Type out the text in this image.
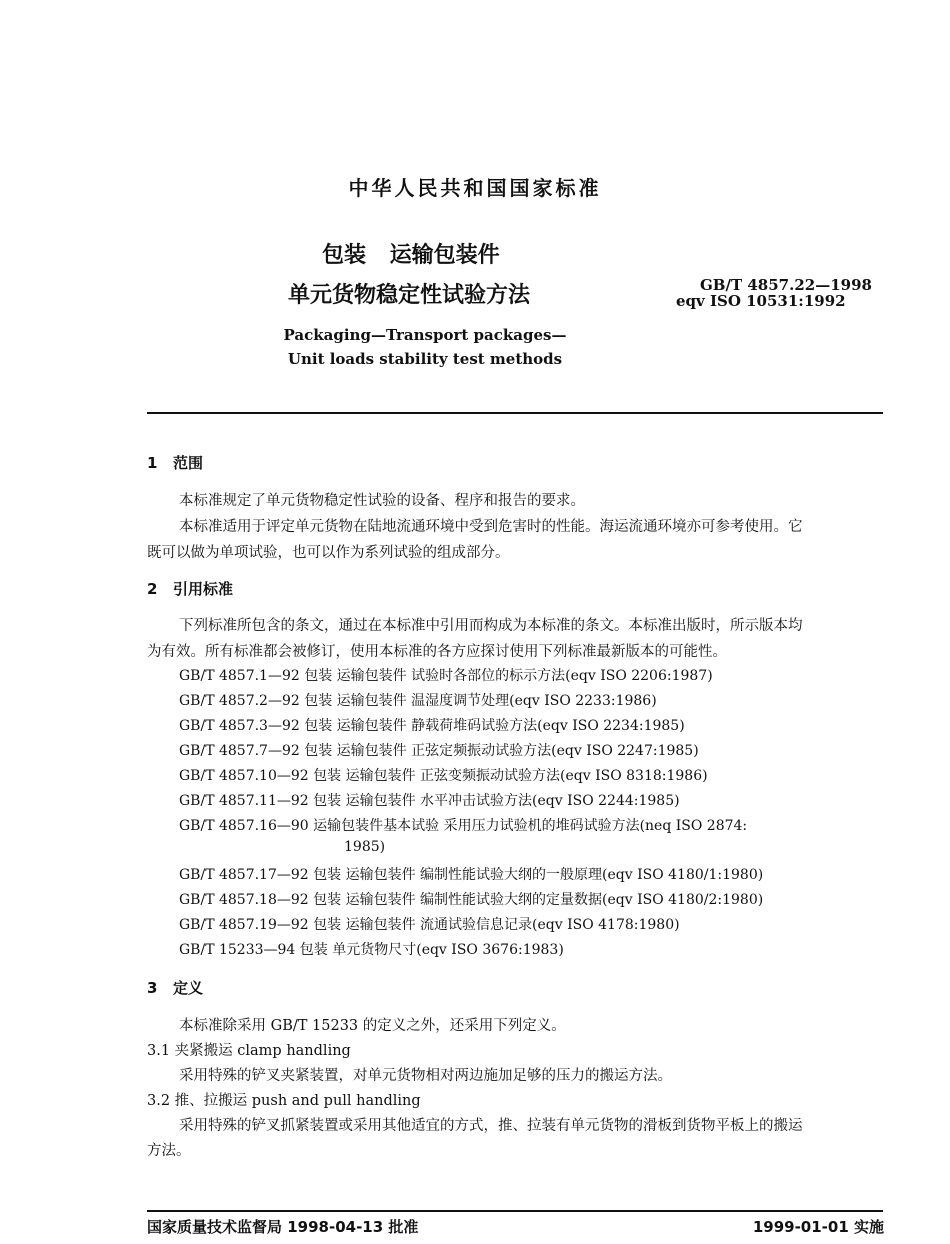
中华人民共和国国家标准
包装 运输包装件
单元货物稳定性试验方法	GB/T 4857.22—1998
eqv ISO 10531:1992
Packaging—Transport packages—
Unit loads stability test methods
1 范围
本标准规定了单元货物稳定性试验的设备、程序和报告的要求。
本标准适用于评定单元货物在陆地流通环境中受到危害时的性能。海运流通环境亦可参考使用。它
既可以做为单项试验，也可以作为系列试验的组成部分。
2 引用标准
下列标准所包含的条文，通过在本标准中引用而构成为本标准的条文。本标准出版时，所示版本均
为有效。所有标准都会被修订，使用本标准的各方应探讨使用下列标准最新版本的可能性。
GB/T 4857.1—92 包装 运输包装件 试验时各部位的标示方法(eqv ISO 2206:1987)
GB/T 4857.2—92 包装 运输包装件 温湿度调节处理(eqv ISO 2233:1986)
GB/T 4857.3—92 包装 运输包装件 静载荷堆码试验方法(eqv ISO 2234:1985)
GB/T 4857.7—92 包装 运输包装件 正弦定频振动试验方法(eqv ISO 2247:1985)
GB/T 4857.10—92 包装 运输包装件 正弦变频振动试验方法(eqv ISO 8318:1986)
GB/T 4857.11—92 包装 运输包装件 水平冲击试验方法(eqv ISO 2244:1985)
GB/T 4857.16—90 运输包装件基本试验 采用压力试验机的堆码试验方法(neq ISO 2874:
1985)
GB/T 4857.17—92 包装 运输包装件 编制性能试验大纲的一般原理(eqv ISO 4180/1:1980)
GB/T 4857.18—92 包装 运输包装件 编制性能试验大纲的定量数据(eqv ISO 4180/2:1980)
GB/T 4857.19—92 包装 运输包装件 流通试验信息记录(eqv ISO 4178:1980)
GB/T 15233—94 包装 单元货物尺寸(eqv ISO 3676:1983)
3 定义
本标准除采用 GB/T 15233 的定义之外，还采用下列定义。
3.1 夹紧搬运 clamp handling
采用特殊的铲叉夹紧装置，对单元货物相对两边施加足够的压力的搬运方法。
3.2 推、拉搬运 push and pull handling
采用特殊的铲叉抓紧装置或采用其他适宜的方式，推、拉装有单元货物的滑板到货物平板上的搬运
方法。
国家质量技术监督局 1998-04-13 批准	1999-01-01 实施
